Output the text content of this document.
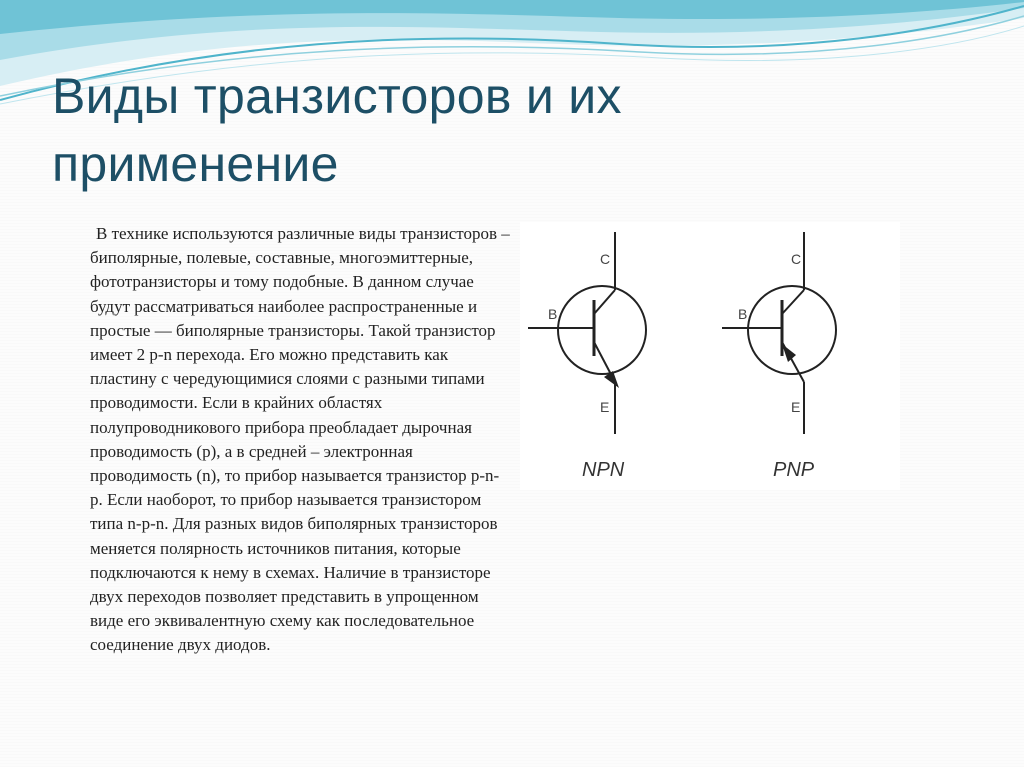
Виды транзисторов и их применение

В технике используются различные виды транзисторов – биполярные, полевые, составные, многоэмиттерные, фототранзисторы и тому подобные. В данном случае будут рассматриваться наиболее распространенные и простые — биполярные транзисторы. Такой транзистор имеет 2 p-n перехода. Его можно представить как пластину с чередующимися слоями с разными типами проводимости. Если в крайних областях полупроводникового прибора преобладает дырочная проводимость (p), а в средней – электронная проводимость (n), то прибор называется транзистор p-n-p. Если наоборот, то прибор называется транзистором типа n-p-n. Для разных видов биполярных транзисторов меняется полярность источников питания, которые подключаются к нему в схемах. Наличие в транзисторе двух переходов позволяет представить в упрощенном виде его эквивалентную схему как последовательное соединение двух диодов.

B
C
E
NPN
B
C
E
PNP
